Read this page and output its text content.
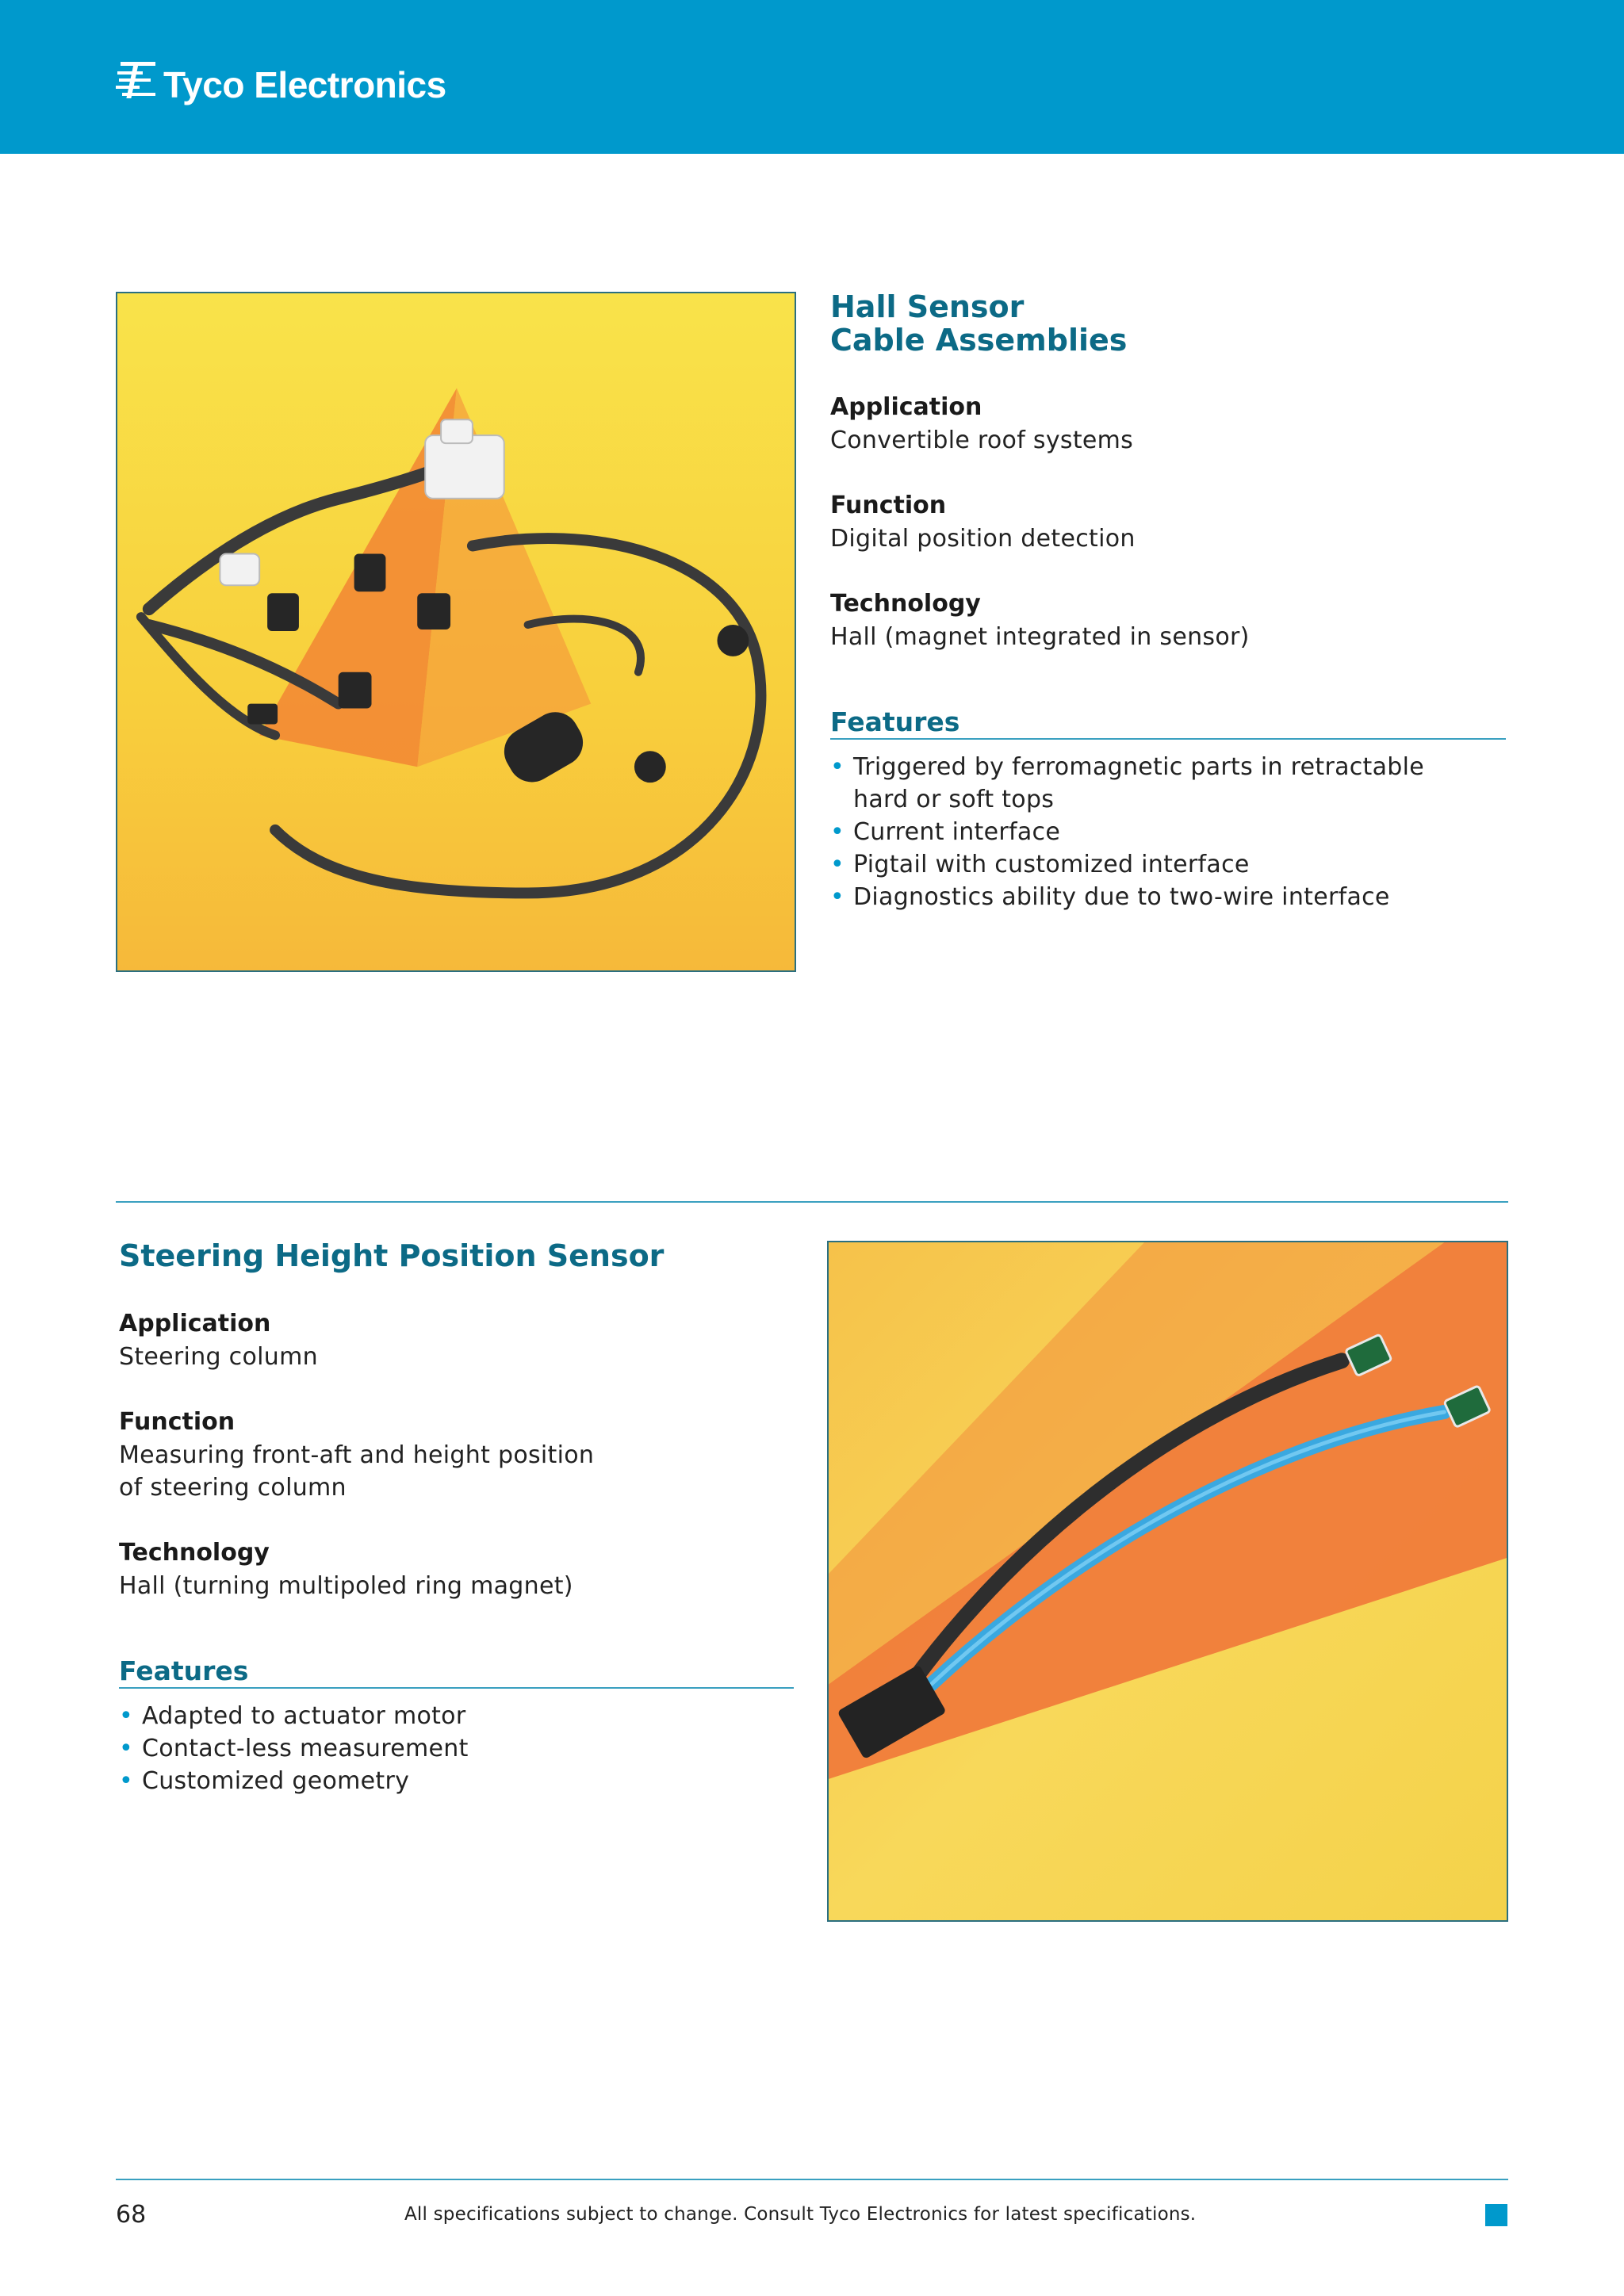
Tyco Electronics
Hall Sensor
Cable Assemblies
Application
Convertible roof systems
Function
Digital position detection
Technology
Hall (magnet integrated in sensor)
Features
• Triggered by ferromagnetic parts in retractable
hard or soft tops
• Current interface
• Pigtail with customized interface
• Diagnostics ability due to two-wire interface
Steering Height Position Sensor
Application
Steering column
Function
Measuring front-aft and height position
of steering column
Technology
Hall (turning multipoled ring magnet)
Features
• Adapted to actuator motor
• Contact-less measurement
• Customized geometry
68	All specifications subject to change. Consult Tyco Electronics for latest specifications.
